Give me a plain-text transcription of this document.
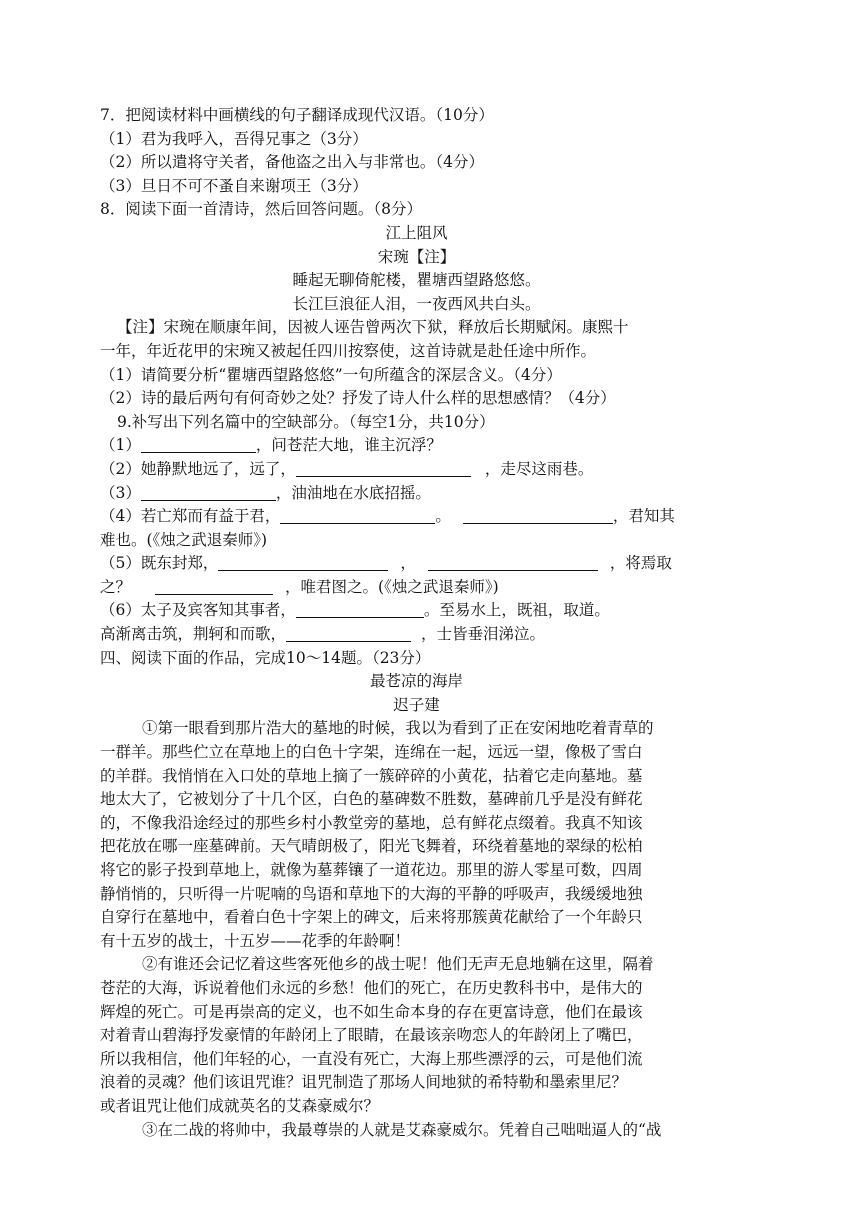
7．把阅读材料中画横线的句子翻译成现代汉语。（10分）
（1）君为我呼入，吾得兄事之（3分）
（2）所以遣将守关者，备他盗之出入与非常也。（4分）
（3）旦日不可不蚤自来谢项王（3分）
8．阅读下面一首清诗，然后回答问题。（8分）
江上阻风
宋琬【注】
睡起无聊倚舵楼，瞿塘西望路悠悠。
长江巨浪征人泪，一夜西风共白头。
【注】宋琬在顺康年间，因被人诬告曾两次下狱，释放后长期赋闲。康熙十
一年，年近花甲的宋琬又被起任四川按察使，这首诗就是赴任途中所作。
（1）请简要分析“瞿塘西望路悠悠”一句所蕴含的深层含义。（4分）
（2）诗的最后两句有何奇妙之处？抒发了诗人什么样的思想感情？（4分）
9.补写出下列名篇中的空缺部分。（每空1分，共10分）
（1）	，问苍茫大地，谁主沉浮？
（2）她静默地远了，远了，	，走尽这雨巷。
（3）	，油油地在水底招摇。
（4）若亡郑而有益于君，	。	，君知其
难也。(《烛之武退秦师》)
（5）既东封郑，	，	，将焉取
之？	，唯君图之。(《烛之武退秦师》)
（6）太子及宾客知其事者，	。至易水上，既祖，取道。
高渐离击筑，荆轲和而歌，	，士皆垂泪涕泣。
四、阅读下面的作品，完成10～14题。（23分）
最苍凉的海岸
迟子建
①第一眼看到那片浩大的墓地的时候，我以为看到了正在安闲地吃着青草的
一群羊。那些伫立在草地上的白色十字架，连绵在一起，远远一望，像极了雪白
的羊群。我悄悄在入口处的草地上摘了一簇碎碎的小黄花，拈着它走向墓地。墓
地太大了，它被划分了十几个区，白色的墓碑数不胜数，墓碑前几乎是没有鲜花
的，不像我沿途经过的那些乡村小教堂旁的墓地，总有鲜花点缀着。我真不知该
把花放在哪一座墓碑前。天气晴朗极了，阳光飞舞着，环绕着墓地的翠绿的松柏
将它的影子投到草地上，就像为墓葬镶了一道花边。那里的游人零星可数，四周
静悄悄的，只听得一片呢喃的鸟语和草地下的大海的平静的呼吸声，我缓缓地独
自穿行在墓地中，看着白色十字架上的碑文，后来将那簇黄花献给了一个年龄只
有十五岁的战士，十五岁——花季的年龄啊！
②有谁还会记忆着这些客死他乡的战士呢！他们无声无息地躺在这里，隔着
苍茫的大海，诉说着他们永远的乡愁！他们的死亡，在历史教科书中，是伟大的
辉煌的死亡。可是再崇高的定义，也不如生命本身的存在更富诗意，他们在最该
对着青山碧海抒发豪情的年龄闭上了眼睛，在最该亲吻恋人的年龄闭上了嘴巴，
所以我相信，他们年轻的心，一直没有死亡，大海上那些漂浮的云，可是他们流
浪着的灵魂？他们该诅咒谁？诅咒制造了那场人间地狱的希特勒和墨索里尼？
或者诅咒让他们成就英名的艾森豪威尔？
③在二战的将帅中，我最尊崇的人就是艾森豪威尔。凭着自己咄咄逼人的“战
